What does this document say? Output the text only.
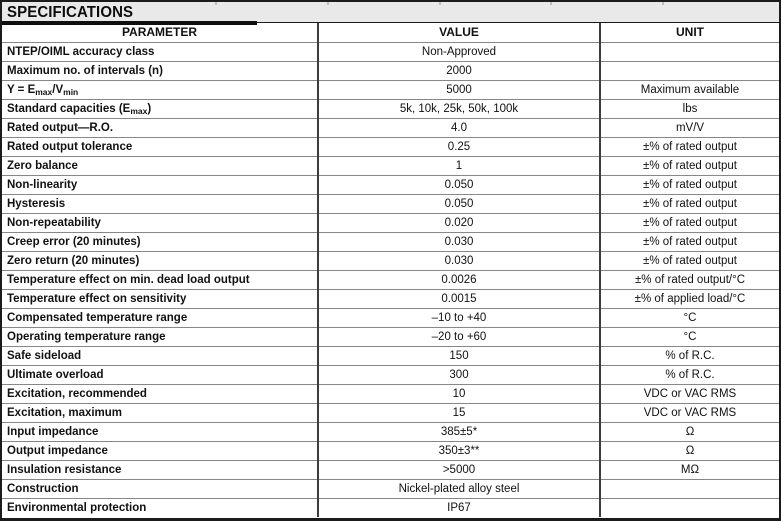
SPECIFICATIONS
PARAMETER	VALUE	UNIT
NTEP/OIML accuracy class	Non-Approved	
Maximum no. of intervals (n)	2000	
$Y = E_{max}/V_{min}$	5000	Maximum available
Standard capacities $(E_{max})$	5k, 10k, 25k, 50k, 100k	lbs
Rated output—R.O.	4.0	mV/V
Rated output tolerance	0.25	±% of rated output
Zero balance	1	±% of rated output
Non-linearity	0.050	±% of rated output
Hysteresis	0.050	±% of rated output
Non-repeatability	0.020	±% of rated output
Creep error (20 minutes)	0.030	±% of rated output
Zero return (20 minutes)	0.030	±% of rated output
Temperature effect on min. dead load output	0.0026	±% of rated output/°C
Temperature effect on sensitivity	0.0015	±% of applied load/°C
Compensated temperature range	–10 to +40	°C
Operating temperature range	–20 to +60	°C
Safe sideload	150	% of R.C.
Ultimate overload	300	% of R.C.
Excitation, recommended	10	VDC or VAC RMS
Excitation, maximum	15	VDC or VAC RMS
Input impedance	385±5*	Ω
Output impedance	350±3**	Ω
Insulation resistance	>5000	MΩ
Construction	Nickel-plated alloy steel	
Environmental protection	IP67	
